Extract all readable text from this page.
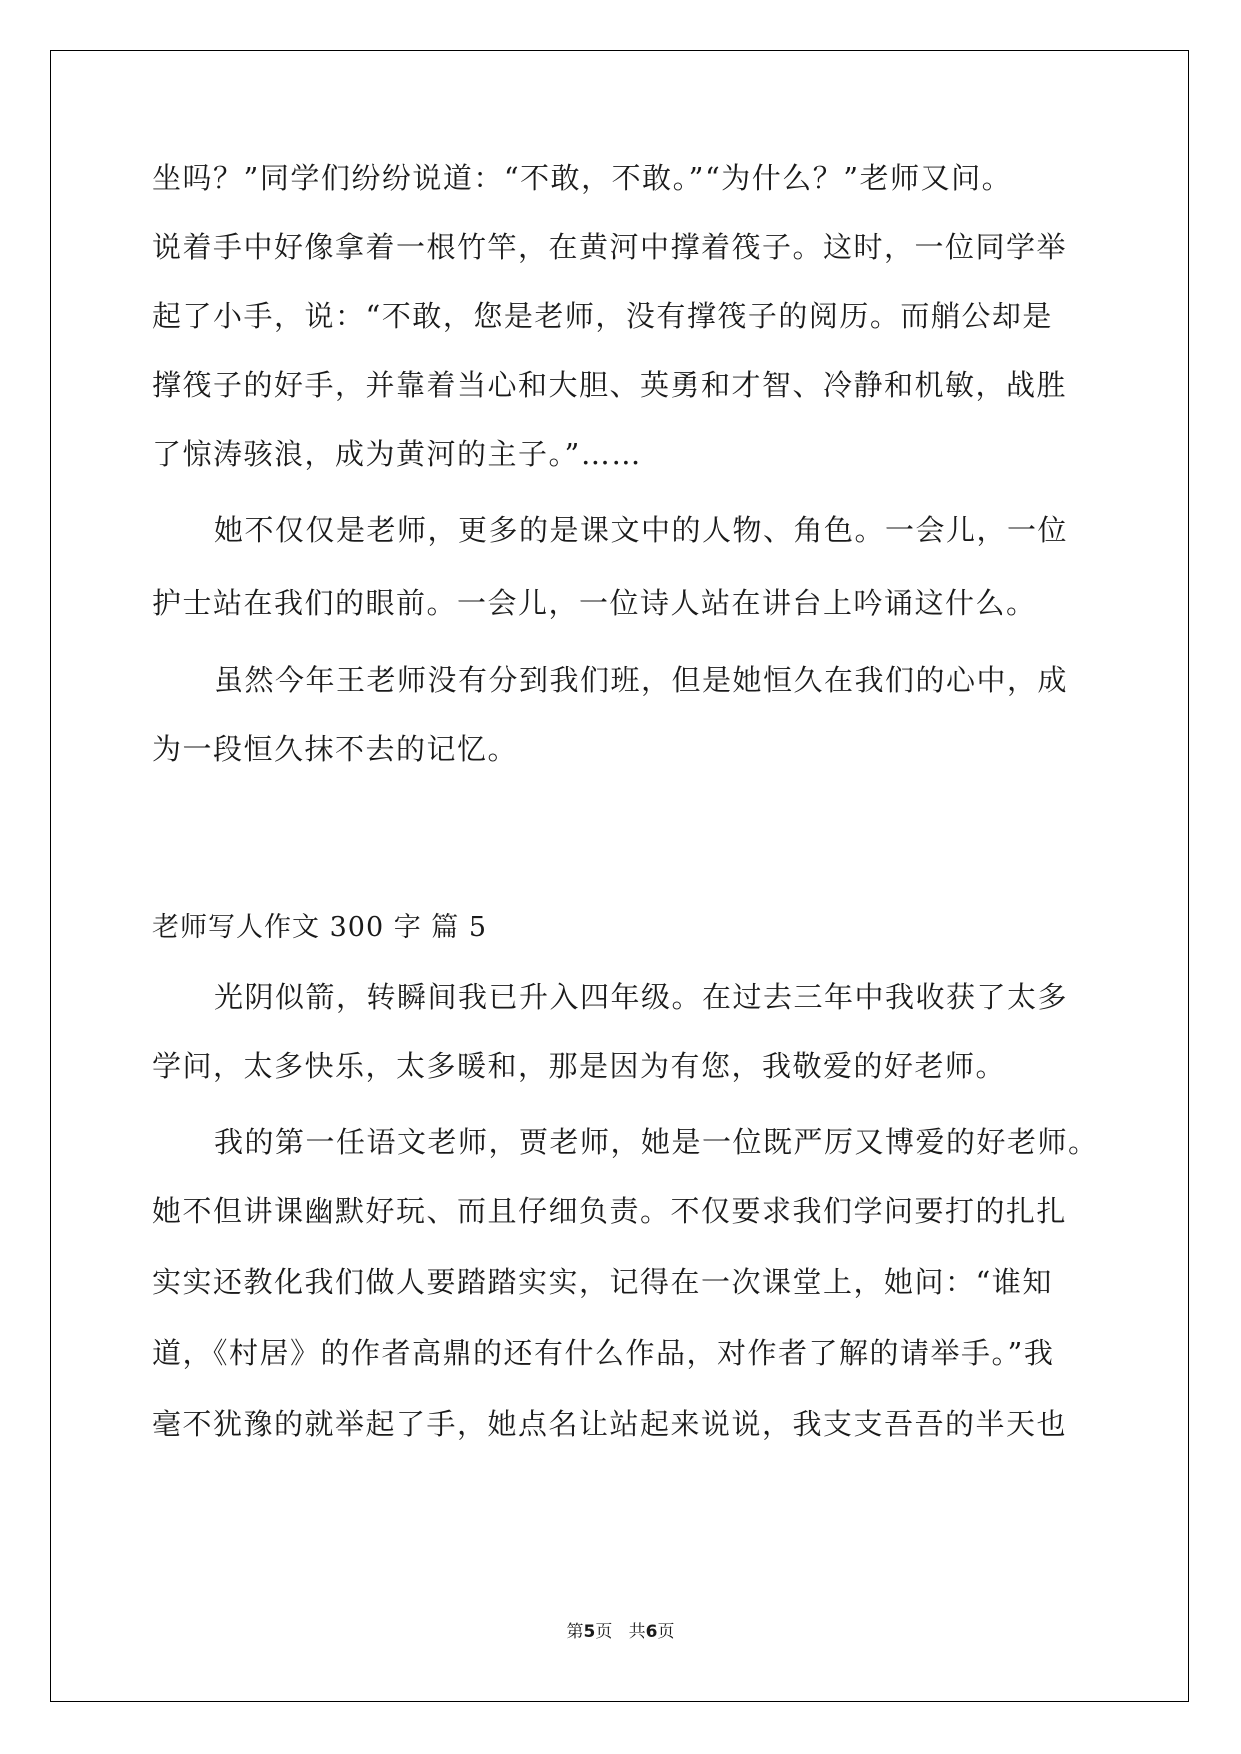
坐吗？”同学们纷纷说道：“不敢，不敢。”“为什么？”老师又问。
说着手中好像拿着一根竹竿，在黄河中撑着筏子。这时，一位同学举
起了小手，说：“不敢，您是老师，没有撑筏子的阅历。而艄公却是
撑筏子的好手，并靠着当心和大胆、英勇和才智、冷静和机敏，战胜
了惊涛骇浪，成为黄河的主子。”……
她不仅仅是老师，更多的是课文中的人物、角色。一会儿，一位
护士站在我们的眼前。一会儿，一位诗人站在讲台上吟诵这什么。
虽然今年王老师没有分到我们班，但是她恒久在我们的心中，成
为一段恒久抹不去的记忆。
老师写人作文 300 字 篇 5
光阴似箭，转瞬间我已升入四年级。在过去三年中我收获了太多
学问，太多快乐，太多暖和，那是因为有您，我敬爱的好老师。
我的第一任语文老师，贾老师，她是一位既严厉又博爱的好老师。
她不但讲课幽默好玩、而且仔细负责。不仅要求我们学问要打的扎扎
实实还教化我们做人要踏踏实实，记得在一次课堂上，她问：“谁知
道，《村居》的作者高鼎的还有什么作品，对作者了解的请举手。”我
毫不犹豫的就举起了手，她点名让站起来说说，我支支吾吾的半天也
第5页   共6页
